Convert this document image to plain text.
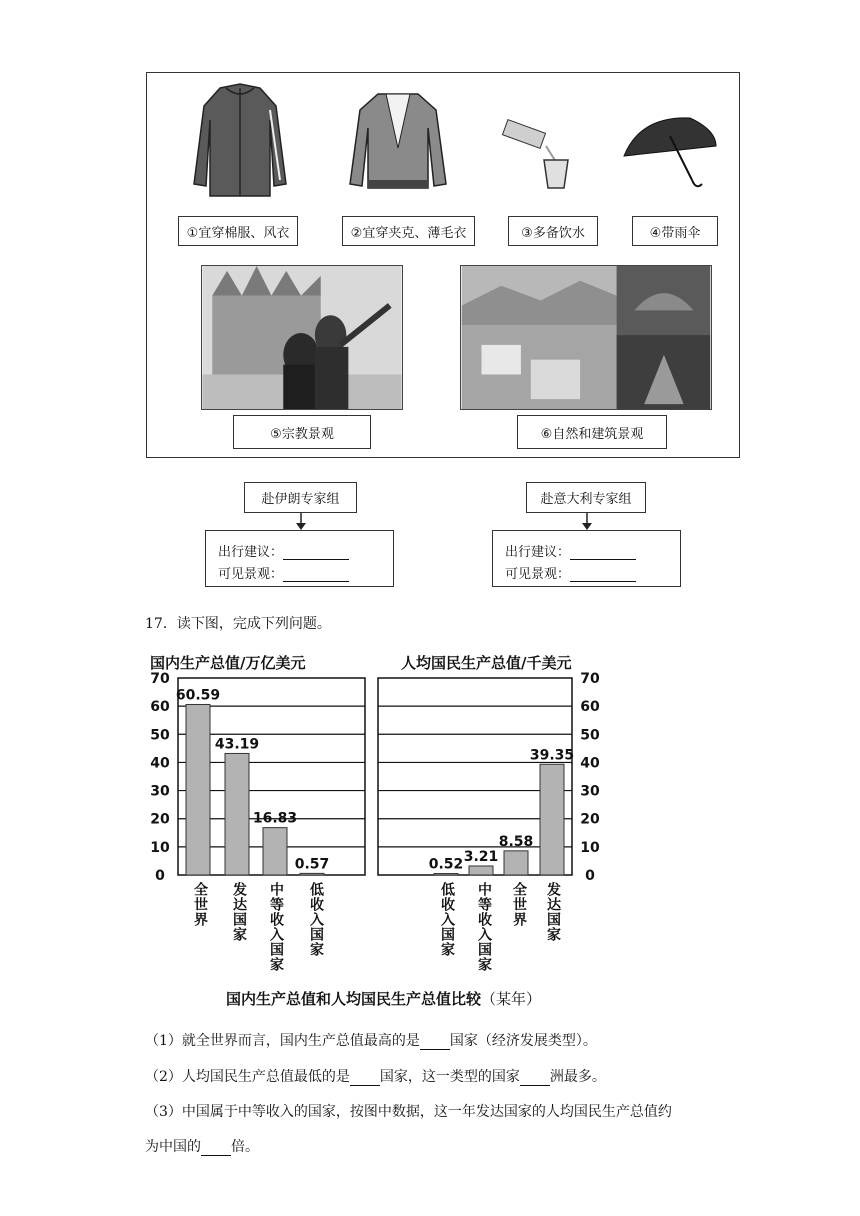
①宜穿棉服、风衣	②宜穿夹克、薄毛衣	③多备饮水	④带雨伞
⑤宗教景观	⑥自然和建筑景观
赴伊朗专家组	赴意大利专家组
出行建议：
可见景观：
出行建议：
可见景观：
17．读下图，完成下列问题。
国内生产总值/万亿美元	人均国民生产总值/千美元
0
10
20
30
40
50
60
70
60.59
43.19
16.83
0.57
0
10
20
30
40
50
60
70
0.52 3.21
8.58
39.35
全世界 发达国家 中等收入国家 低收入国家	低收入国家 中等收入国家 全世界 发达国家
国内生产总值和人均国民生产总值比较（某年）
（1）就全世界而言，国内生产总值最高的是 国家（经济发展类型）。
（2）人均国民生产总值最低的是 国家，这一类型的国家 洲最多。
（3）中国属于中等收入的国家，按图中数据，这一年发达国家的人均国民生产总值约
为中国的 倍。
